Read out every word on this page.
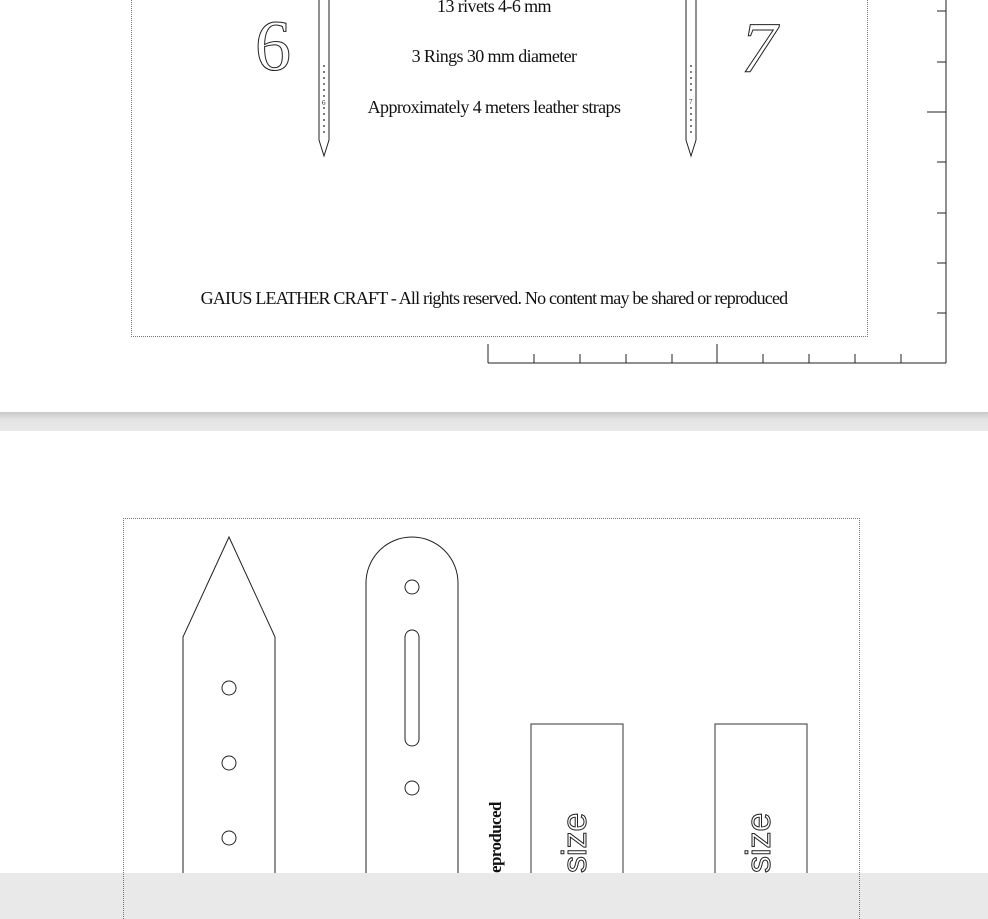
6	7
13 rivets 4-6 mm
3 Rings 30 mm diameter
Approximately 4 meters leather straps
GAIUS LEATHER CRAFT - All rights reserved. No content may be shared or reproduced
6	7
eproduced size	size
